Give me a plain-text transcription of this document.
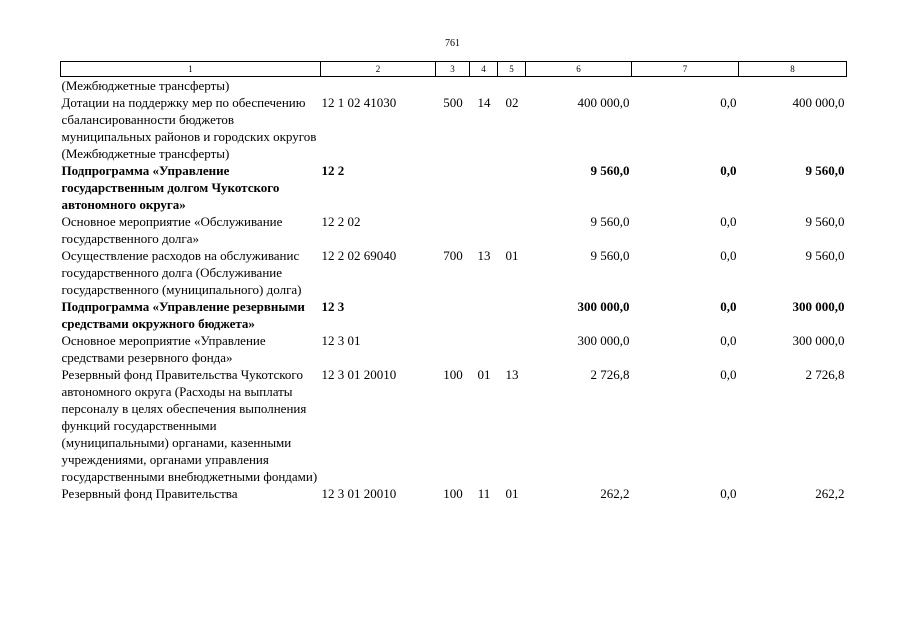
761
1	2	3	4	5	6	7	8
(Межбюджетные трансферты)							
Дотации на поддержку мер по обеспечению сбалансированности бюджетов муниципальных районов и городских округов (Межбюджетные трансферты)	12 1 02 41030	500	14	02	400 000,0	0,0	400 000,0
Подпрограмма «Управление государственным долгом Чукотского автономного округа»	12 2				9 560,0	0,0	9 560,0
Основное мероприятие «Обслуживание государственного долга»	12 2 02				9 560,0	0,0	9 560,0
Осуществление расходов на обслуживанис государственного долга (Обслуживание государственного (муниципального) долга)	12 2 02 69040	700	13	01	9 560,0	0,0	9 560,0
Подпрограмма «Управление резервными средствами окружного бюджета»	12 3				300 000,0	0,0	300 000,0
Основное мероприятие «Управление средствами резервного фонда»	12 3 01				300 000,0	0,0	300 000,0
Резервный фонд Правительства Чукотского автономного округа (Расходы на выплаты персоналу в целях обеспечения выполнения функций государственными (муниципальными) органами, казенными учреждениями, органами управления государственными внебюджетными фондами)	12 3 01 20010	100	01	13	2 726,8	0,0	2 726,8
Резервный фонд Правительства	12 3 01 20010	100	11	01	262,2	0,0	262,2
